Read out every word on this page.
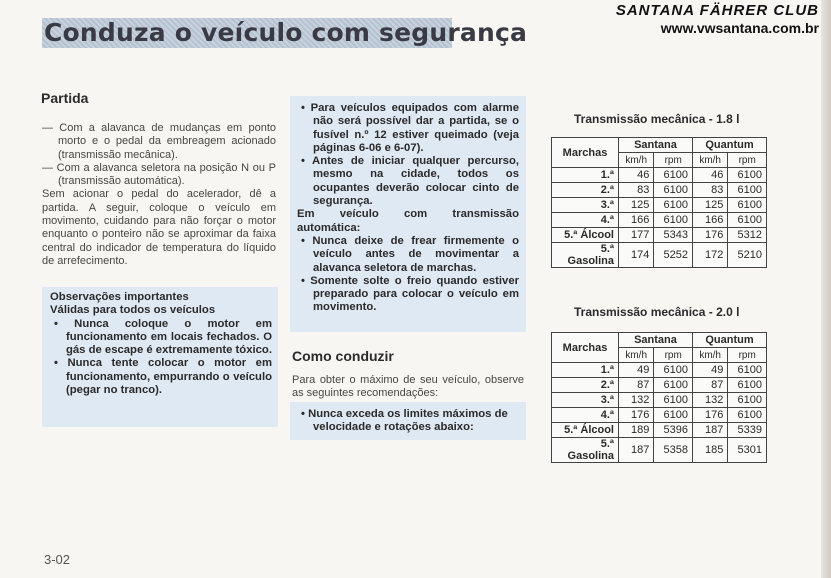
Conduza o veículo com segurança
SANTANA FÄHRER CLUB
www.vwsantana.com.br
Partida
— Com a alavanca de mudanças em ponto morto e o pedal da embreagem acionado (transmissão mecânica).
— Com a alavanca seletora na posição N ou P (transmissão automática).
Sem acionar o pedal do acelerador, dê a partida. A seguir, coloque o veículo em movimento, cuidando para não forçar o motor enquanto o ponteiro não se aproximar da faixa central do indicador de temperatura do líquido de arrefecimento.
Observações importantes
Válidas para todos os veículos
• Nunca coloque o motor em funcionamento em locais fechados. O gás de escape é extremamente tóxico.
• Nunca tente colocar o motor em funcionamento, empurrando o veículo (pegar no tranco).
• Para veículos equipados com alarme não será possível dar a partida, se o fusível n.º 12 estiver queimado (veja páginas 6-06 e 6-07).
• Antes de iniciar qualquer percurso, mesmo na cidade, todos os ocupantes deverão colocar cinto de segurança.
Em veículo com transmissão automática:
• Nunca deixe de frear firmemente o veículo antes de movimentar a alavanca seletora de marchas.
• Somente solte o freio quando estiver preparado para colocar o veículo em movimento.
Como conduzir
Para obter o máximo de seu veículo, observe as seguintes recomendações:
• Nunca exceda os limites máximos de velocidade e rotações abaixo:
Transmissão mecânica - 1.8 l
Marchas	Santana		Quantum	
	km/h	rpm	km/h	rpm
1.ª	46	6100	46	6100
2.ª	83	6100	83	6100
3.ª	125	6100	125	6100
4.ª	166	6100	166	6100
5.ª Álcool	177	5343	176	5312
5.ª Gasolina	174	5252	172	5210
Transmissão mecânica - 2.0 l
Marchas	Santana		Quantum	
	km/h	rpm	km/h	rpm
1.ª	49	6100	49	6100
2.ª	87	6100	87	6100
3.ª	132	6100	132	6100
4.ª	176	6100	176	6100
5.ª Álcool	189	5396	187	5339
5.ª Gasolina	187	5358	185	5301
3-02
